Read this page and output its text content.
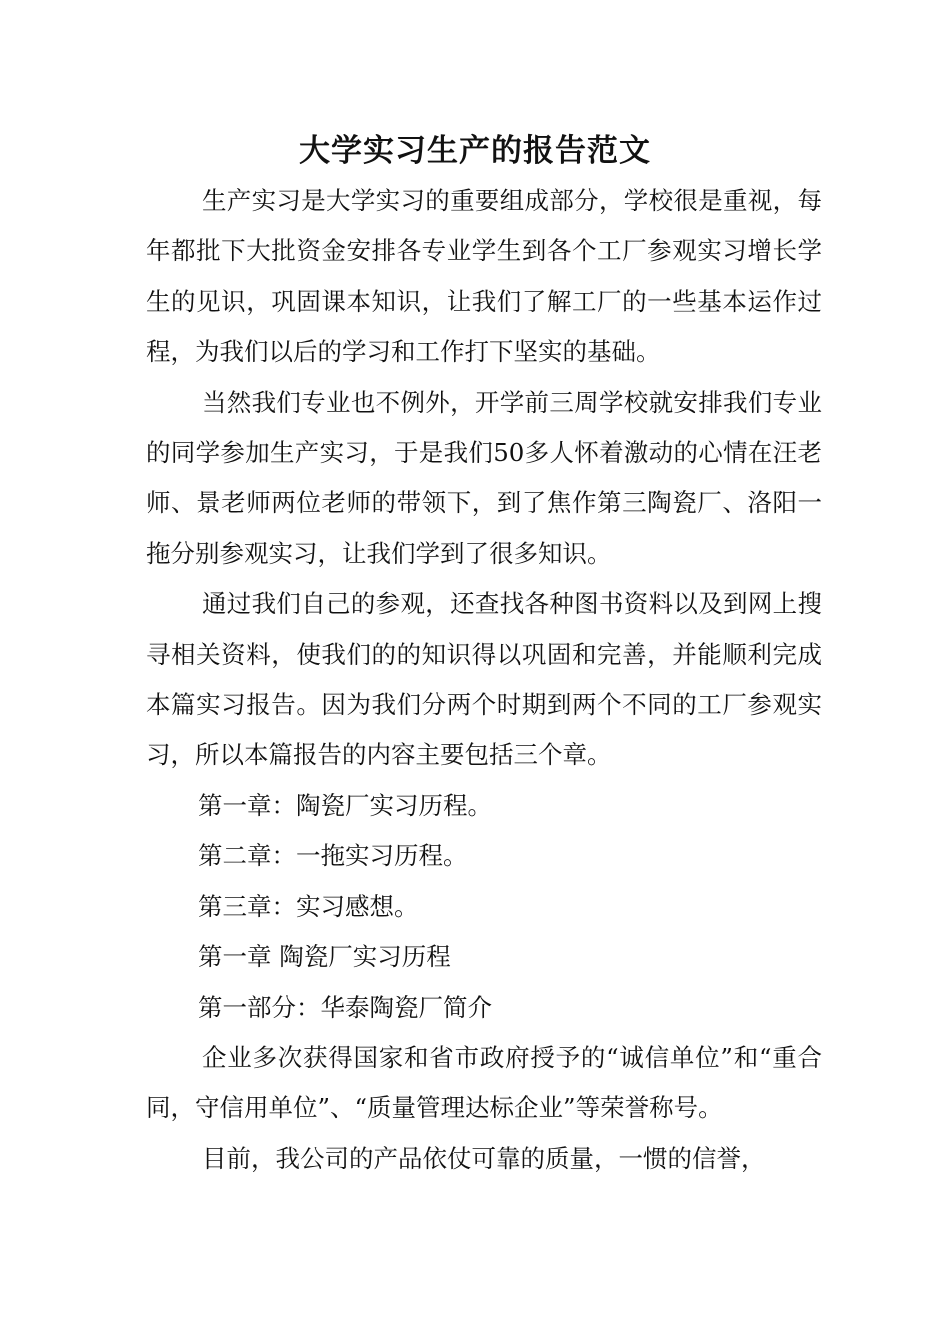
大学实习生产的报告范文

生产实习是大学实习的重要组成部分，学校很是重视，每年都批下大批资金安排各专业学生到各个工厂参观实习增长学生的见识，巩固课本知识，让我们了解工厂的一些基本运作过程，为我们以后的学习和工作打下坚实的基础。

当然我们专业也不例外，开学前三周学校就安排我们专业的同学参加生产实习，于是我们50多人怀着激动的心情在汪老师、景老师两位老师的带领下，到了焦作第三陶瓷厂、洛阳一拖分别参观实习，让我们学到了很多知识。

通过我们自己的参观，还查找各种图书资料以及到网上搜寻相关资料，使我们的的知识得以巩固和完善，并能顺利完成本篇实习报告。因为我们分两个时期到两个不同的工厂参观实习，所以本篇报告的内容主要包括三个章。

第一章：陶瓷厂实习历程。

第二章：一拖实习历程。

第三章：实习感想。

第一章 陶瓷厂实习历程

第一部分：华泰陶瓷厂简介

企业多次获得国家和省市政府授予的“诚信单位”和“重合同，守信用单位”、“质量管理达标企业”等荣誉称号。

目前，我公司的产品依仗可靠的质量，一惯的信誉，
